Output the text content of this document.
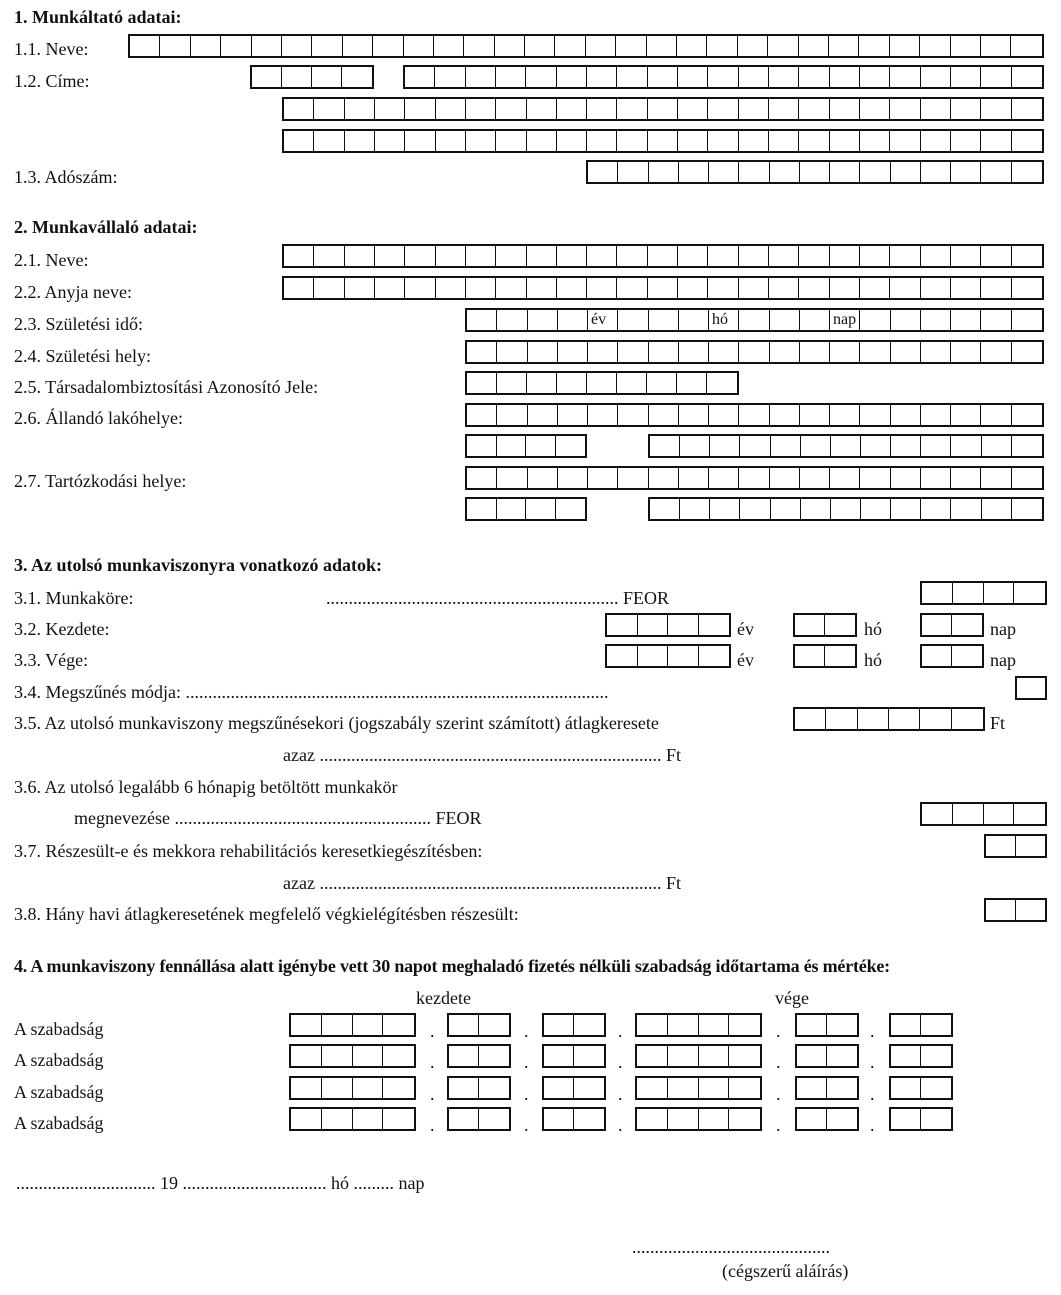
1. Munkáltató adatai:
1.1. Neve:
1.2. Címe:
1.3. Adószám:
2. Munkavállaló adatai:
2.1. Neve:
2.2. Anyja neve:
2.3. Születési idő:	év	hó	nap
2.4. Születési hely:
2.5. Társadalombiztosítási Azonosító Jele:
2.6. Állandó lakóhelye:
2.7. Tartózkodási helye:
3. Az utolsó munkaviszonyra vonatkozó adatok:
3.1. Munkaköre:	................................................................. FEOR
3.2. Kezdete:	év	hó	nap
3.3. Vége:	év	hó	nap
3.4. Megszűnés módja: ..............................................................................................
3.5. Az utolsó munkaviszony megszűnésekori (jogszabály szerint számított) átlagkeresete	Ft
azaz ............................................................................ Ft
3.6. Az utolsó legalább 6 hónapig betöltött munkakör
megnevezése ......................................................... FEOR
3.7. Részesült-e és mekkora rehabilitációs keresetkiegészítésben:
azaz ............................................................................ Ft
3.8. Hány havi átlagkeresetének megfelelő végkielégítésben részesült:
4. A munkaviszony fennállása alatt igénybe vett 30 napot meghaladó fizetés nélküli szabadság időtartama és mértéke:
kezdete	vége
A szabadság	.	.	.	.	.
A szabadság	.	.	.	.	.
A szabadság	.	.	.	.	.
A szabadság	.	.	.	.	.
............................... 19 ................................ hó ......... nap
............................................
(cégszerű aláírás)
